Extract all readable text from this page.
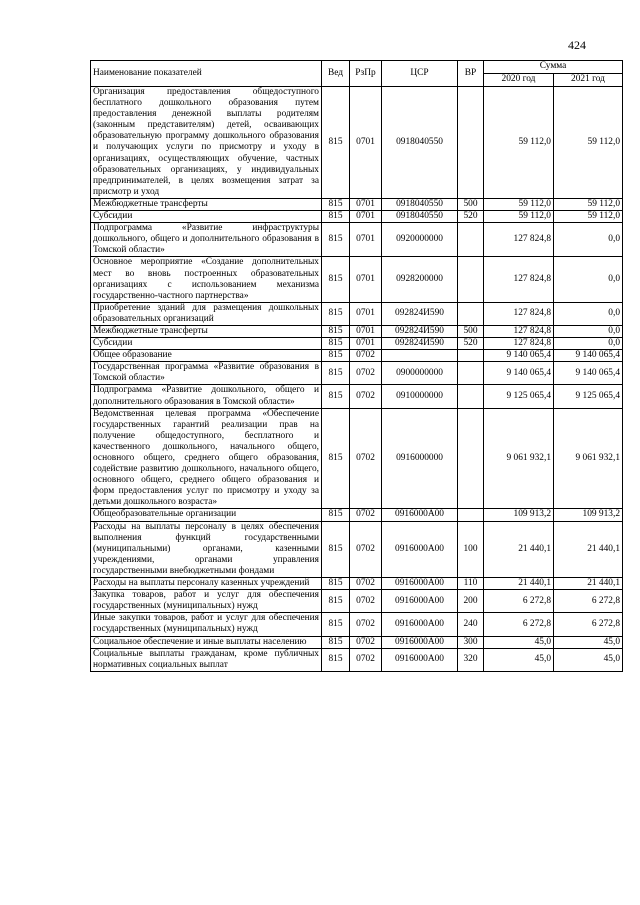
424
Наименование показателей	Вед	РзПр	ЦСР	ВР	Сумма	
					2020 год	2021 год
Организация предоставления общедоступного бесплатного дошкольного образования путем предоставления денежной выплаты родителям (законным представителям) детей, осваивающих образовательную программу дошкольного образования и получающих услуги по присмотру и уходу в организациях, осуществляющих обучение, частных образовательных организациях, у индивидуальных предпринимателей, в целях возмещения затрат за присмотр и уход	815	0701	0918040550		59 112,0	59 112,0
Межбюджетные трансферты	815	0701	0918040550	500	59 112,0	59 112,0
Субсидии	815	0701	0918040550	520	59 112,0	59 112,0
Подпрограмма «Развитие инфраструктуры дошкольного, общего и дополнительного образования в Томской области»	815	0701	0920000000		127 824,8	0,0
Основное мероприятие «Создание дополнительных мест во вновь построенных образовательных организациях с использованием механизма государственно-частного партнерства»	815	0701	0928200000		127 824,8	0,0
Приобретение зданий для размещения дошкольных образовательных организаций	815	0701	092824И590		127 824,8	0,0
Межбюджетные трансферты	815	0701	092824И590	500	127 824,8	0,0
Субсидии	815	0701	092824И590	520	127 824,8	0,0
Общее образование	815	0702			9 140 065,4	9 140 065,4
Государственная программа «Развитие образования в Томской области»	815	0702	0900000000		9 140 065,4	9 140 065,4
Подпрограмма «Развитие дошкольного, общего и дополнительного образования в Томской области»	815	0702	0910000000		9 125 065,4	9 125 065,4
Ведомственная целевая программа «Обеспечение государственных гарантий реализации прав на получение общедоступного, бесплатного и качественного дошкольного, начального общего, основного общего, среднего общего образования, содействие развитию дошкольного, начального общего, основного общего, среднего общего образования и форм предоставления услуг по присмотру и уходу за детьми дошкольного возраста»	815	0702	0916000000		9 061 932,1	9 061 932,1
Общеобразовательные организации	815	0702	0916000А00		109 913,2	109 913,2
Расходы на выплаты персоналу в целях обеспечения выполнения функций государственными (муниципальными) органами, казенными учреждениями, органами управления государственными внебюджетными фондами	815	0702	0916000А00	100	21 440,1	21 440,1
Расходы на выплаты персоналу казенных учреждений	815	0702	0916000А00	110	21 440,1	21 440,1
Закупка товаров, работ и услуг для обеспечения государственных (муниципальных) нужд	815	0702	0916000А00	200	6 272,8	6 272,8
Иные закупки товаров, работ и услуг для обеспечения государственных (муниципальных) нужд	815	0702	0916000А00	240	6 272,8	6 272,8
Социальное обеспечение и иные выплаты населению	815	0702	0916000А00	300	45,0	45,0
Социальные выплаты гражданам, кроме публичных нормативных социальных выплат	815	0702	0916000А00	320	45,0	45,0
